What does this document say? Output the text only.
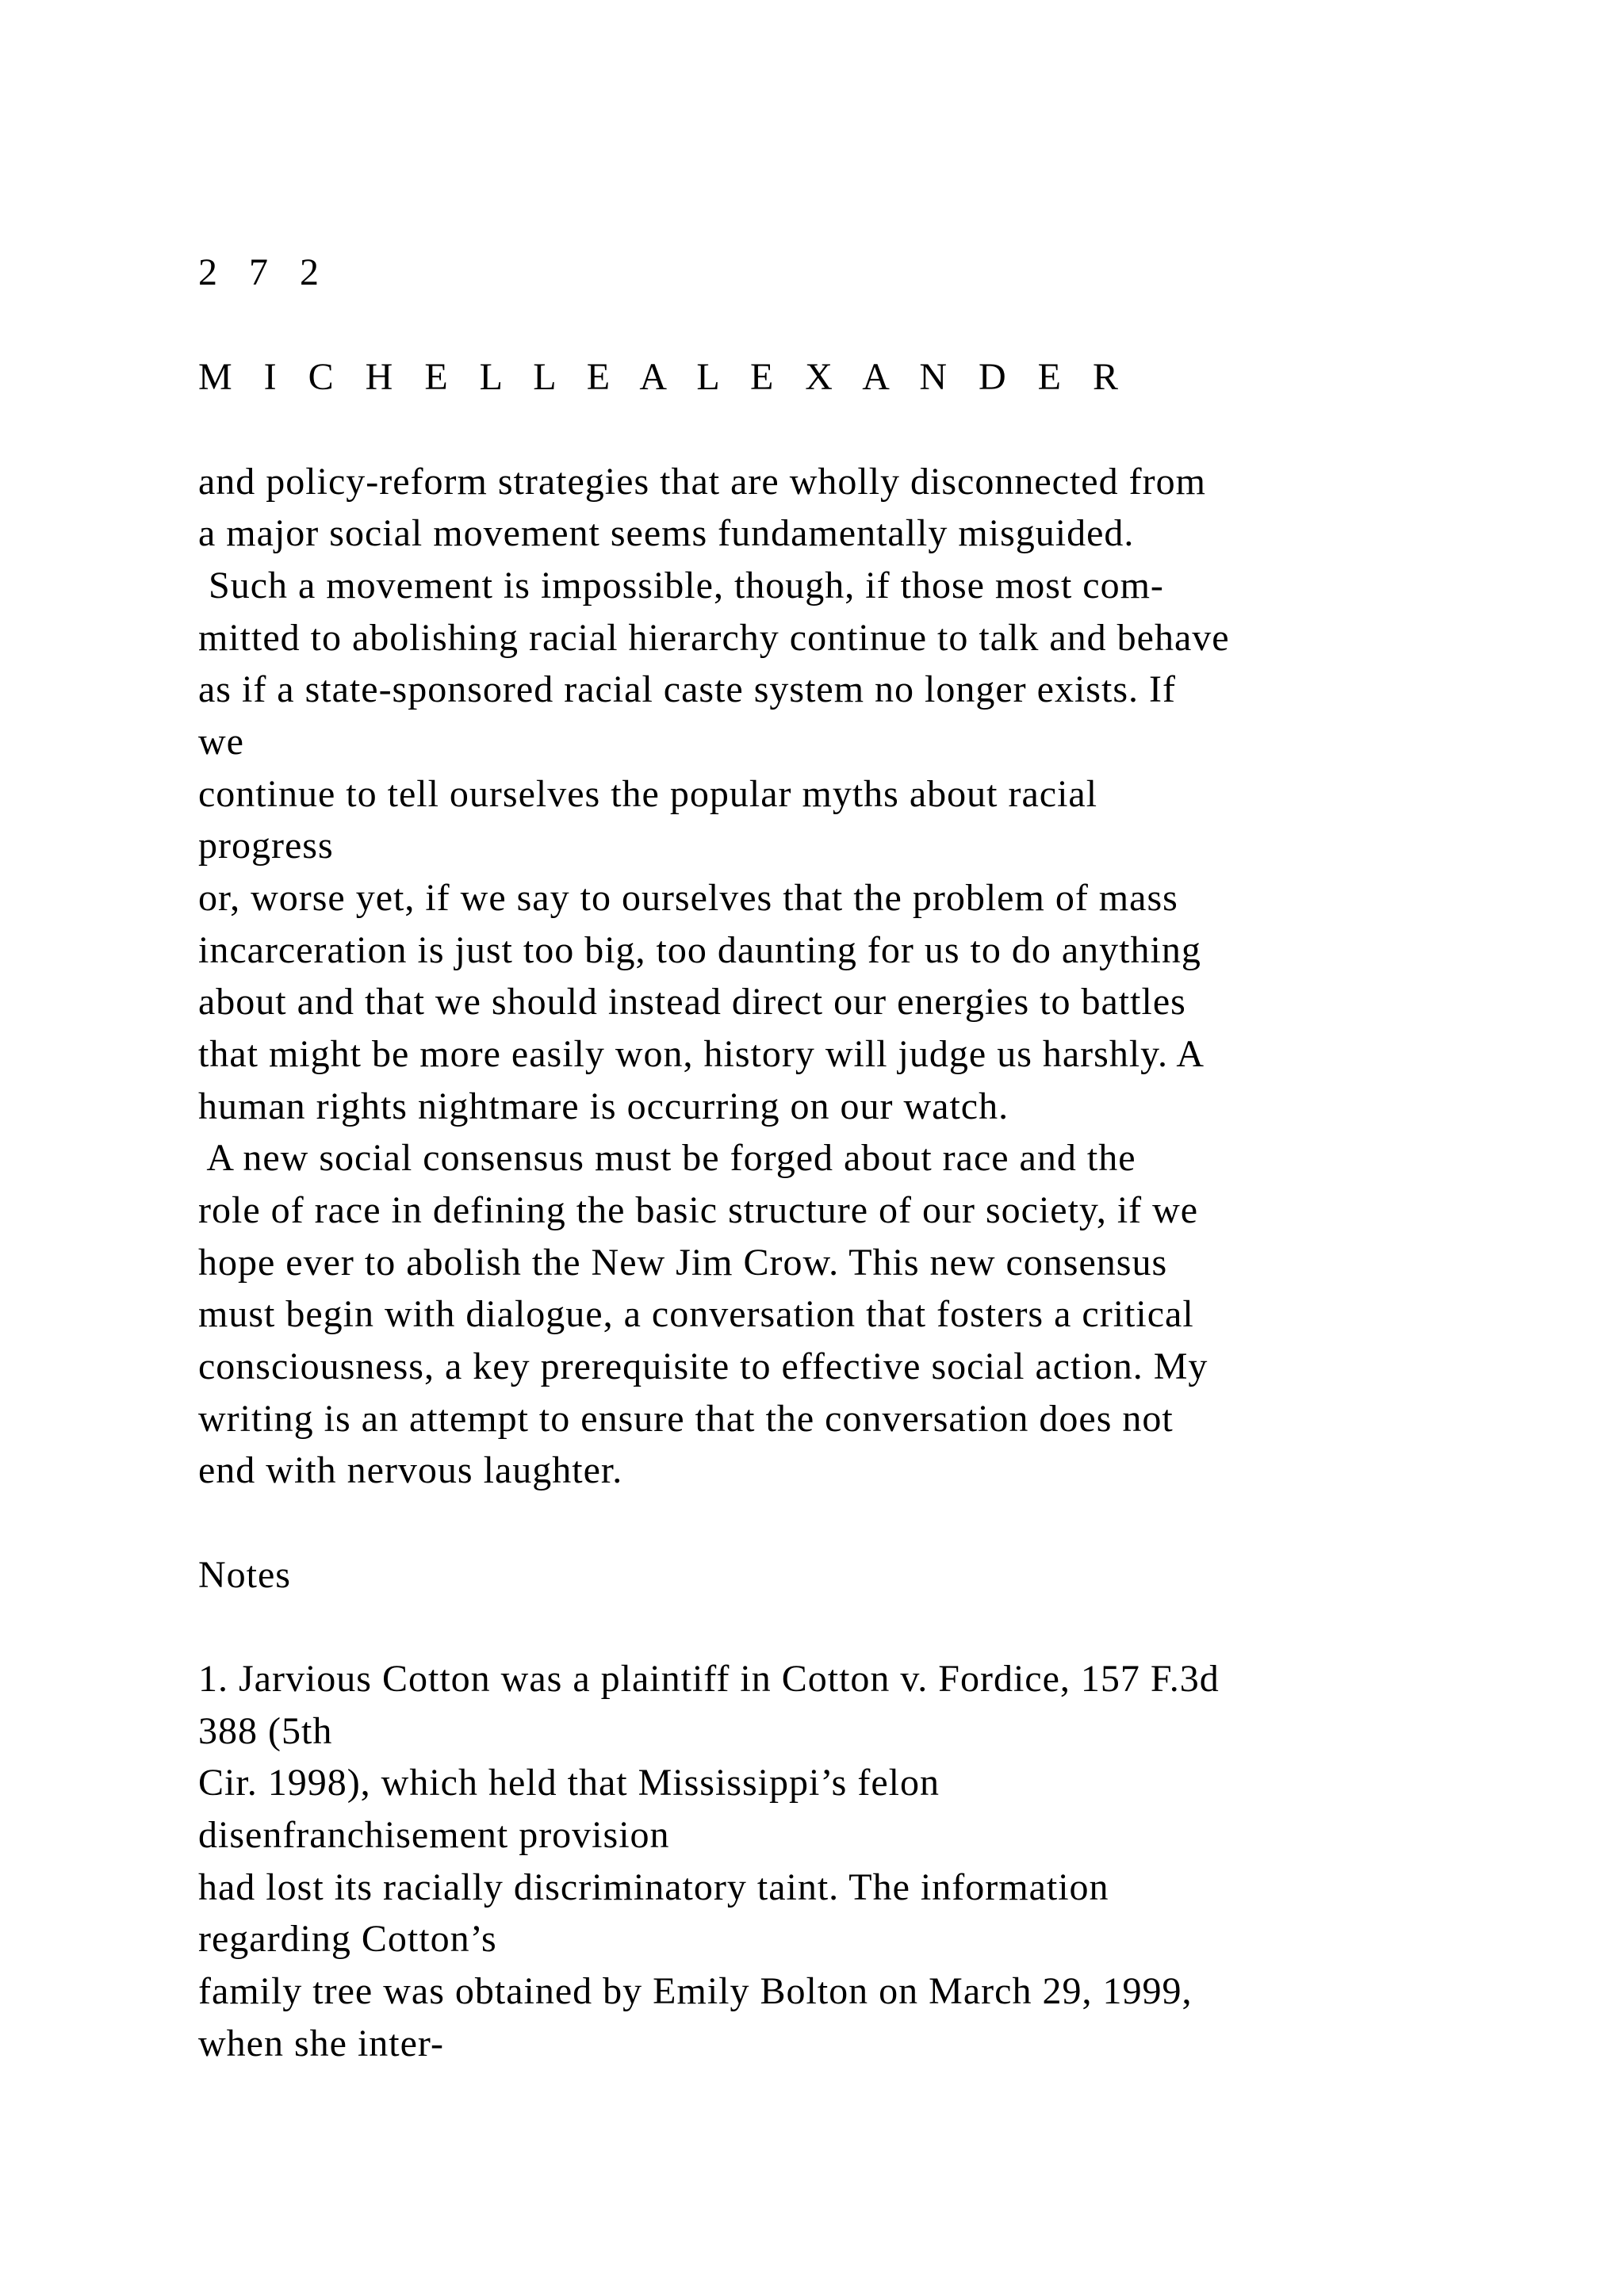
2 7 2
M I C H E L L E A L E X A N D E R
and policy-reform strategies that are wholly disconnected from
a major social movement seems fundamentally misguided.
Such a movement is impossible, though, if those most com-
mitted to abolishing racial hierarchy continue to talk and behave
as if a state-sponsored racial caste system no longer exists. If
we
continue to tell ourselves the popular myths about racial
progress
or, worse yet, if we say to ourselves that the problem of mass
incarceration is just too big, too daunting for us to do anything
about and that we should instead direct our energies to battles
that might be more easily won, history will judge us harshly. A
human rights nightmare is occurring on our watch.
A new social consensus must be forged about race and the
role of race in defining the basic structure of our society, if we
hope ever to abolish the New Jim Crow. This new consensus
must begin with dialogue, a conversation that fosters a critical
consciousness, a key prerequisite to effective social action. My
writing is an attempt to ensure that the conversation does not
end with nervous laughter.
Notes
1. Jarvious Cotton was a plaintiff in Cotton v. Fordice, 157 F.3d
388 (5th
Cir. 1998), which held that Mississippi’s felon
disenfranchisement provision
had lost its racially discriminatory taint. The information
regarding Cotton’s
family tree was obtained by Emily Bolton on March 29, 1999,
when she inter-
